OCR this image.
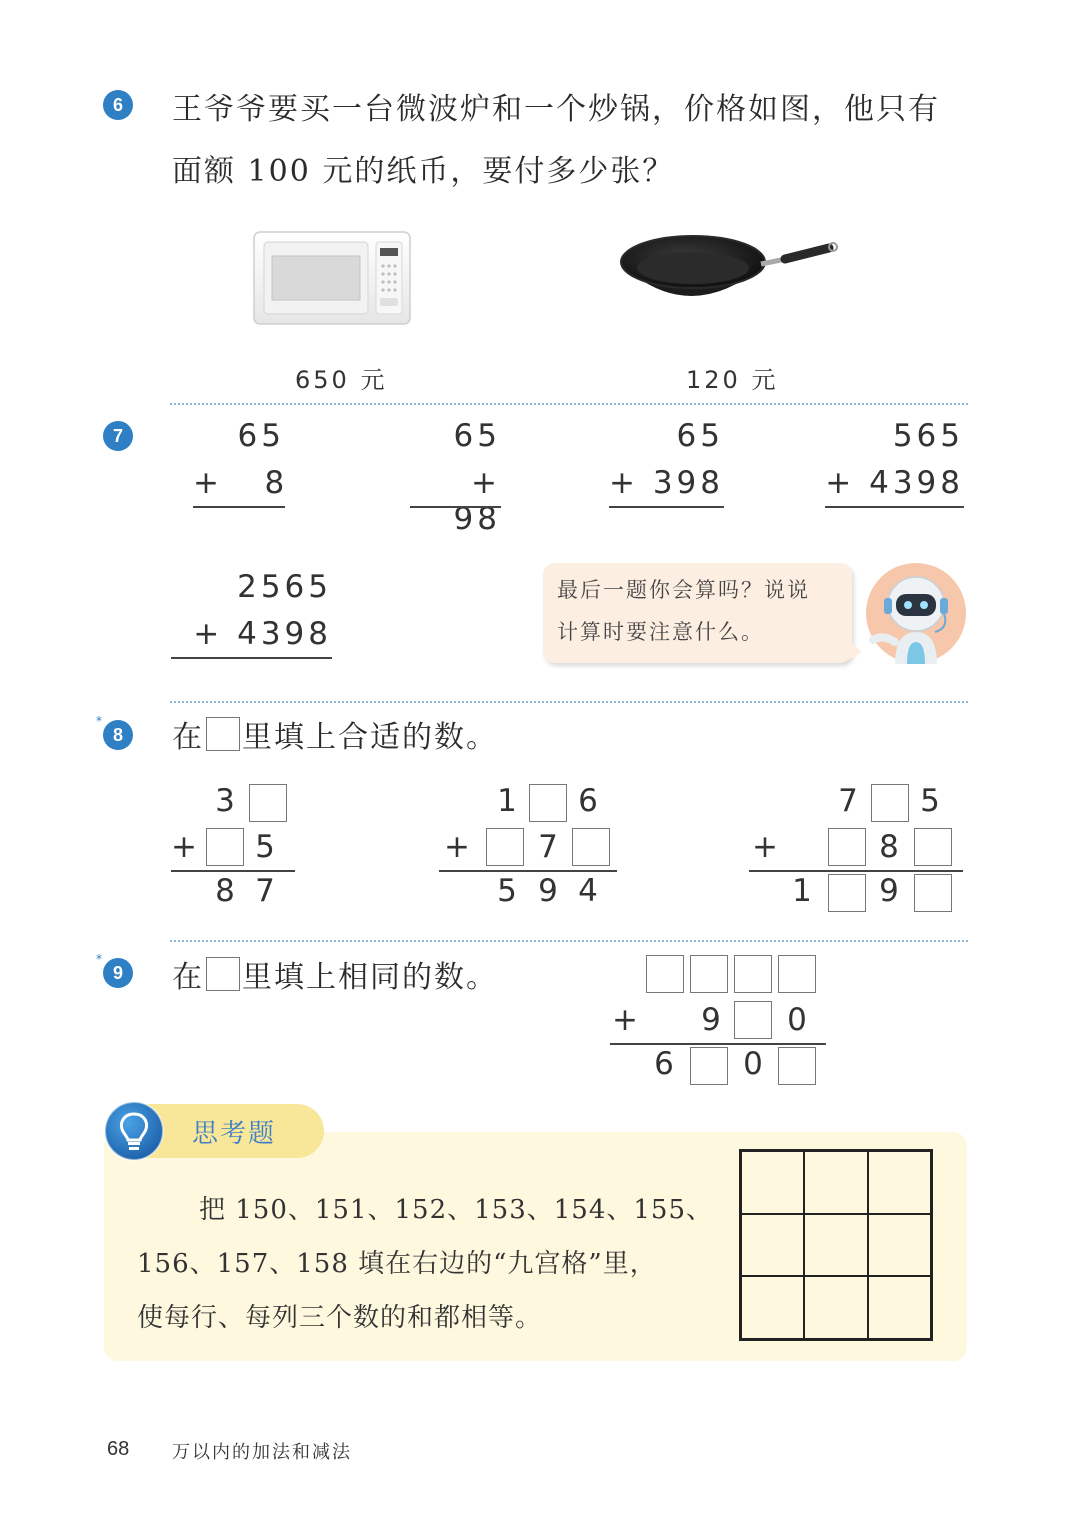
6	王爷爷要买一台微波炉和一个炒锅，价格如图，他只有
面额 100 元的纸币，要付多少张？
650 元	120 元
7	65
+   8
65
+ 98
65
+ 398
565
+ 4398
2565
+ 4398
最后一题你会算吗？说说
计算时要注意什么。
*
8	在 里填上合适的数。
3
+ 5
8 7
1 6
+ 7
5 9 4
7 5
+	8
1 9
*
9	在 里填上相同的数。
+ 9 0
6 0
思考题
把 150、151、152、153、154、155、
156、157、158 填在右边的“九宫格”里，
使每行、每列三个数的和都相等。
68 万以内的加法和减法
